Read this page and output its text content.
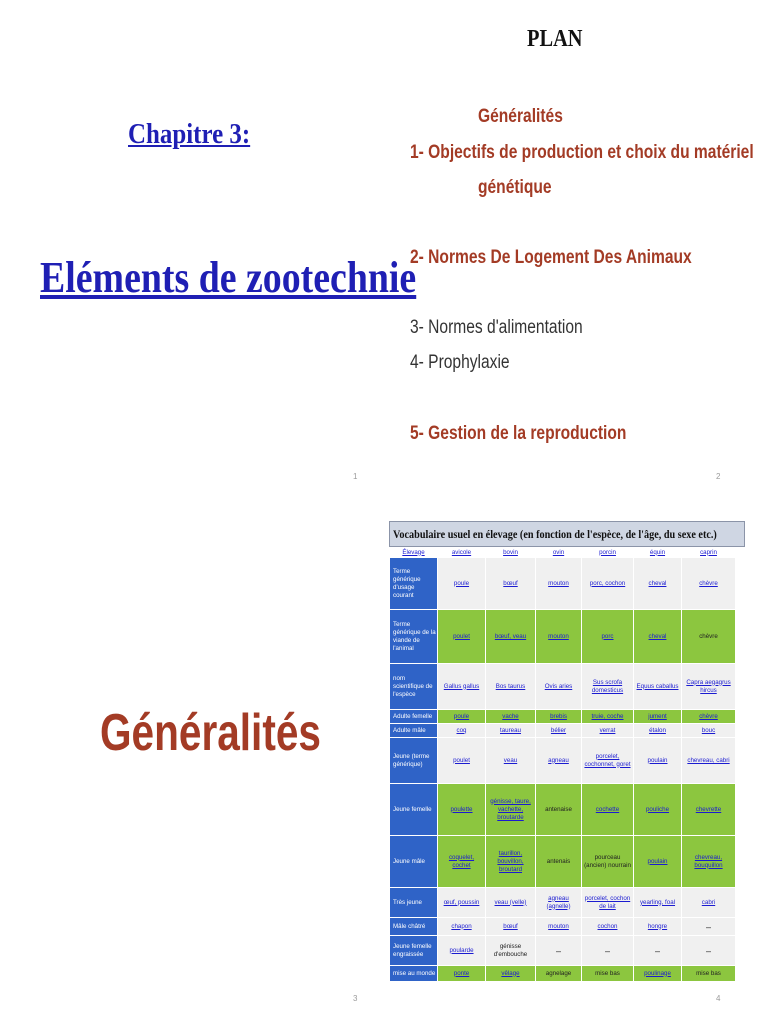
Chapitre 3:
Eléments de zootechnie
1
PLAN
Généralités
1- Objectifs de production et choix du matériel
génétique
2- Normes De Logement Des Animaux
3- Normes d'alimentation
4- Prophylaxie
5- Gestion de la reproduction
2
Généralités
3
Vocabulaire usuel en élevage (en fonction de l'espèce, de l'âge, du sexe etc.)
Élevage	avicole	bovin	ovin	porcin	équin	caprin
Terme générique d'usage courant	poule	bœuf	mouton	porc, cochon	cheval	chèvre
Terme générique de la viande de l'animal	poulet	bœuf, veau	mouton	porc	cheval	chèvre
nom scientifique de l'espèce	Gallus gallus	Bos taurus	Ovis aries	Sus scrofa domesticus	Equus caballus	Capra aegagrus hircus
Adulte femelle	poule	vache	brebis	truie, coche	jument	chèvre
Adulte mâle	coq	taureau	bélier	verrat	étalon	bouc
Jeune (terme générique)	poulet	veau	agneau	porcelet, cochonnet, goret	poulain	chevreau, cabri
Jeune femelle	poulette	génisse, taure, vachette, broutarde	antenaise	cochette	pouliche	chevrette
Jeune mâle	coquelet, cochet	taurillon, bouvillon, broutard	antenais	pourceau (ancien) nourrain	poulain	chevreau, bouquillon
Très jeune	œuf, poussin	veau (velle)	agneau (agnelle)	porcelet, cochon de lait	yearling, foal	cabri
Mâle châtré	chapon	bœuf	mouton	cochon	hongre	–
Jeune femelle engraissée	poularde	génisse d'embouche	–	–	–	–
mise au monde	ponte	vêlage	agnelage	mise bas	poulinage	mise bas
4
